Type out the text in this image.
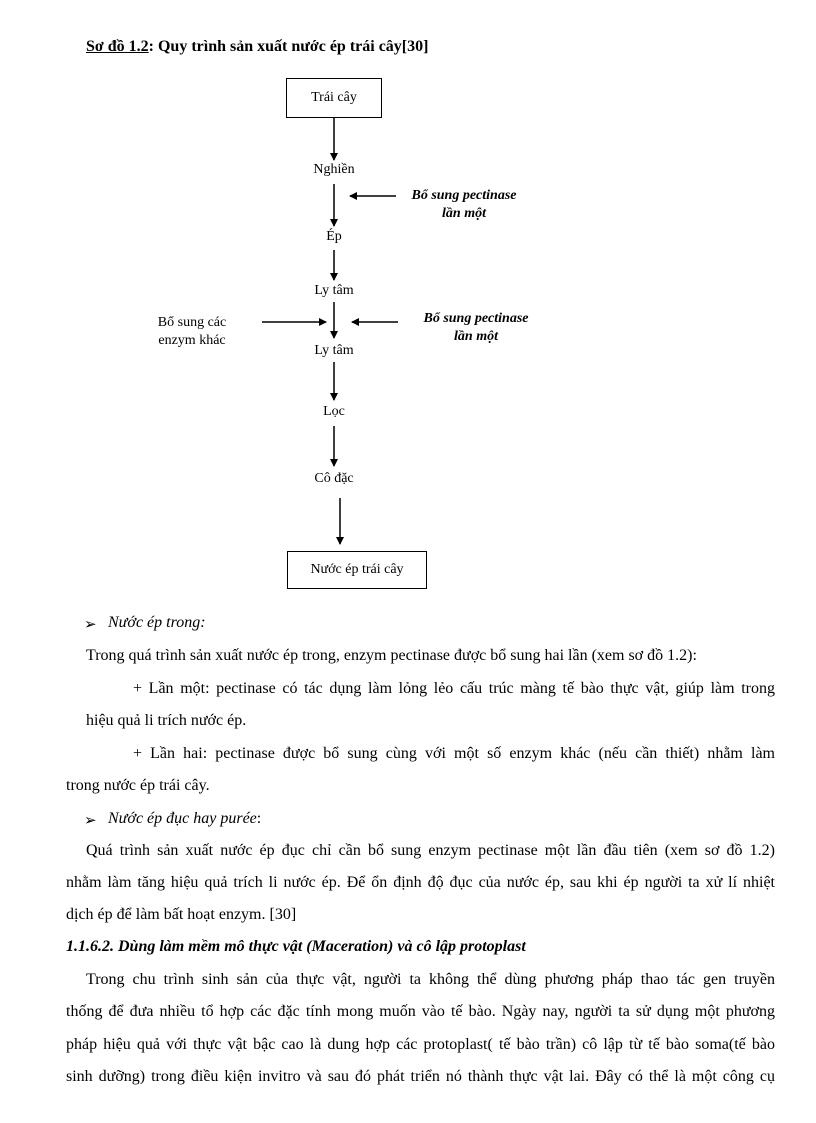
Sơ đồ 1.2: Quy trình sản xuất nước ép trái cây[30]
Trái cây
Nghiền
Ép
Ly tâm
Ly tâm
Lọc
Cô đặc
Nước ép trái cây
Bổ sung pectinase
lần một
Bổ sung pectinase
lần một
Bổ sung các
enzym khác
➢ Nước ép trong:
Trong quá trình sản xuất nước ép trong, enzym pectinase được bổ sung hai lần (xem sơ đồ 1.2):
+ Lần một: pectinase có tác dụng làm lỏng lẻo cấu trúc màng tế bào thực vật, giúp làm trong
hiệu quả li trích nước ép.
+ Lần hai: pectinase được bổ sung cùng với một số enzym khác (nếu cần thiết) nhằm làm
trong nước ép trái cây.
➢ Nước ép đục hay purée:
Quá trình sản xuất nước ép đục chỉ cần bổ sung enzym pectinase một lần đầu tiên (xem sơ đồ 1.2)
nhằm làm tăng hiệu quả trích li nước ép. Để ổn định độ đục của nước ép, sau khi ép người ta xử lí nhiệt
dịch ép để làm bất hoạt enzym. [30]
1.1.6.2. Dùng làm mềm mô thực vật (Maceration) và cô lập protoplast
Trong chu trình sinh sản của thực vật, người ta không thể dùng phương pháp thao tác gen truyền
thống để đưa nhiều tổ hợp các đặc tính mong muốn vào tế bào. Ngày nay, người ta sử dụng một phương
pháp hiệu quả với thực vật bậc cao là dung hợp các protoplast( tế bào trần) cô lập từ tế bào soma(tế bào
sinh dưỡng) trong điều kiện invitro và sau đó phát triển nó thành thực vật lai. Đây có thể là một công cụ
